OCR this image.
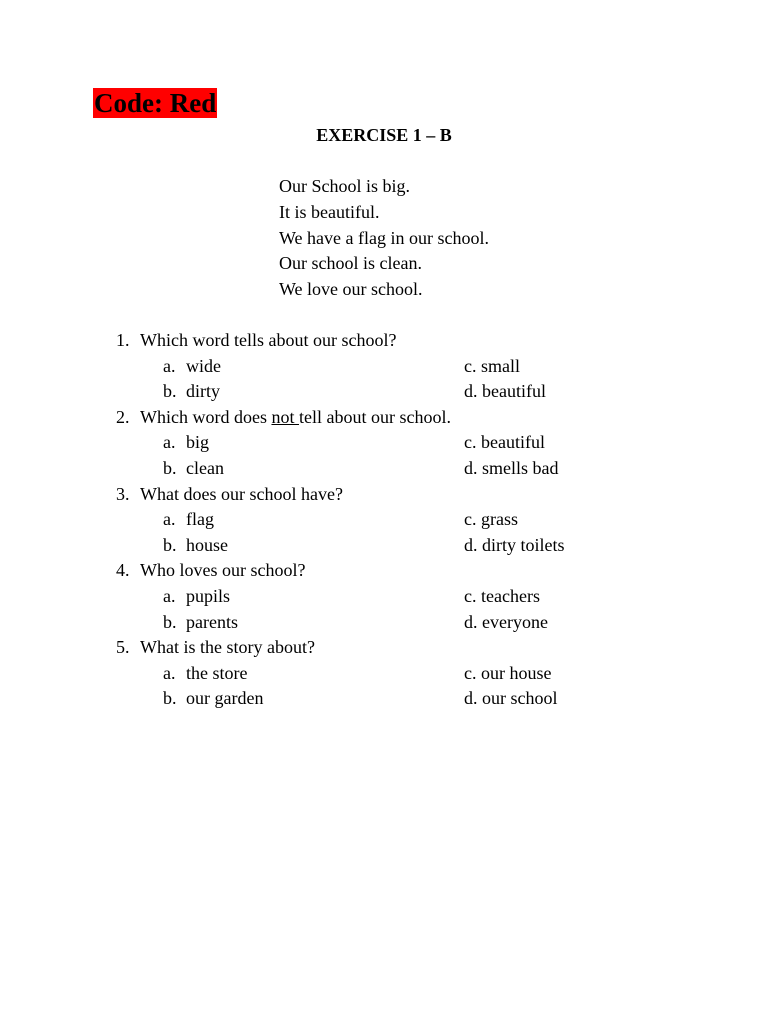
Code: Red
EXERCISE 1 – B
Our School is big.
It is beautiful.
We have a flag in our school.
Our school is clean.
We love our school.
1. Which word tells about our school?
a. wide	c. small
b. dirty	d. beautiful
2. Which word does not tell about our school.
a. big	c. beautiful
b. clean	d. smells bad
3. What does our school have?
a. flag	c. grass
b. house	d. dirty toilets
4. Who loves our school?
a. pupils	c. teachers
b. parents	d. everyone
5. What is the story about?
a. the store	c. our house
b. our garden	d. our school
